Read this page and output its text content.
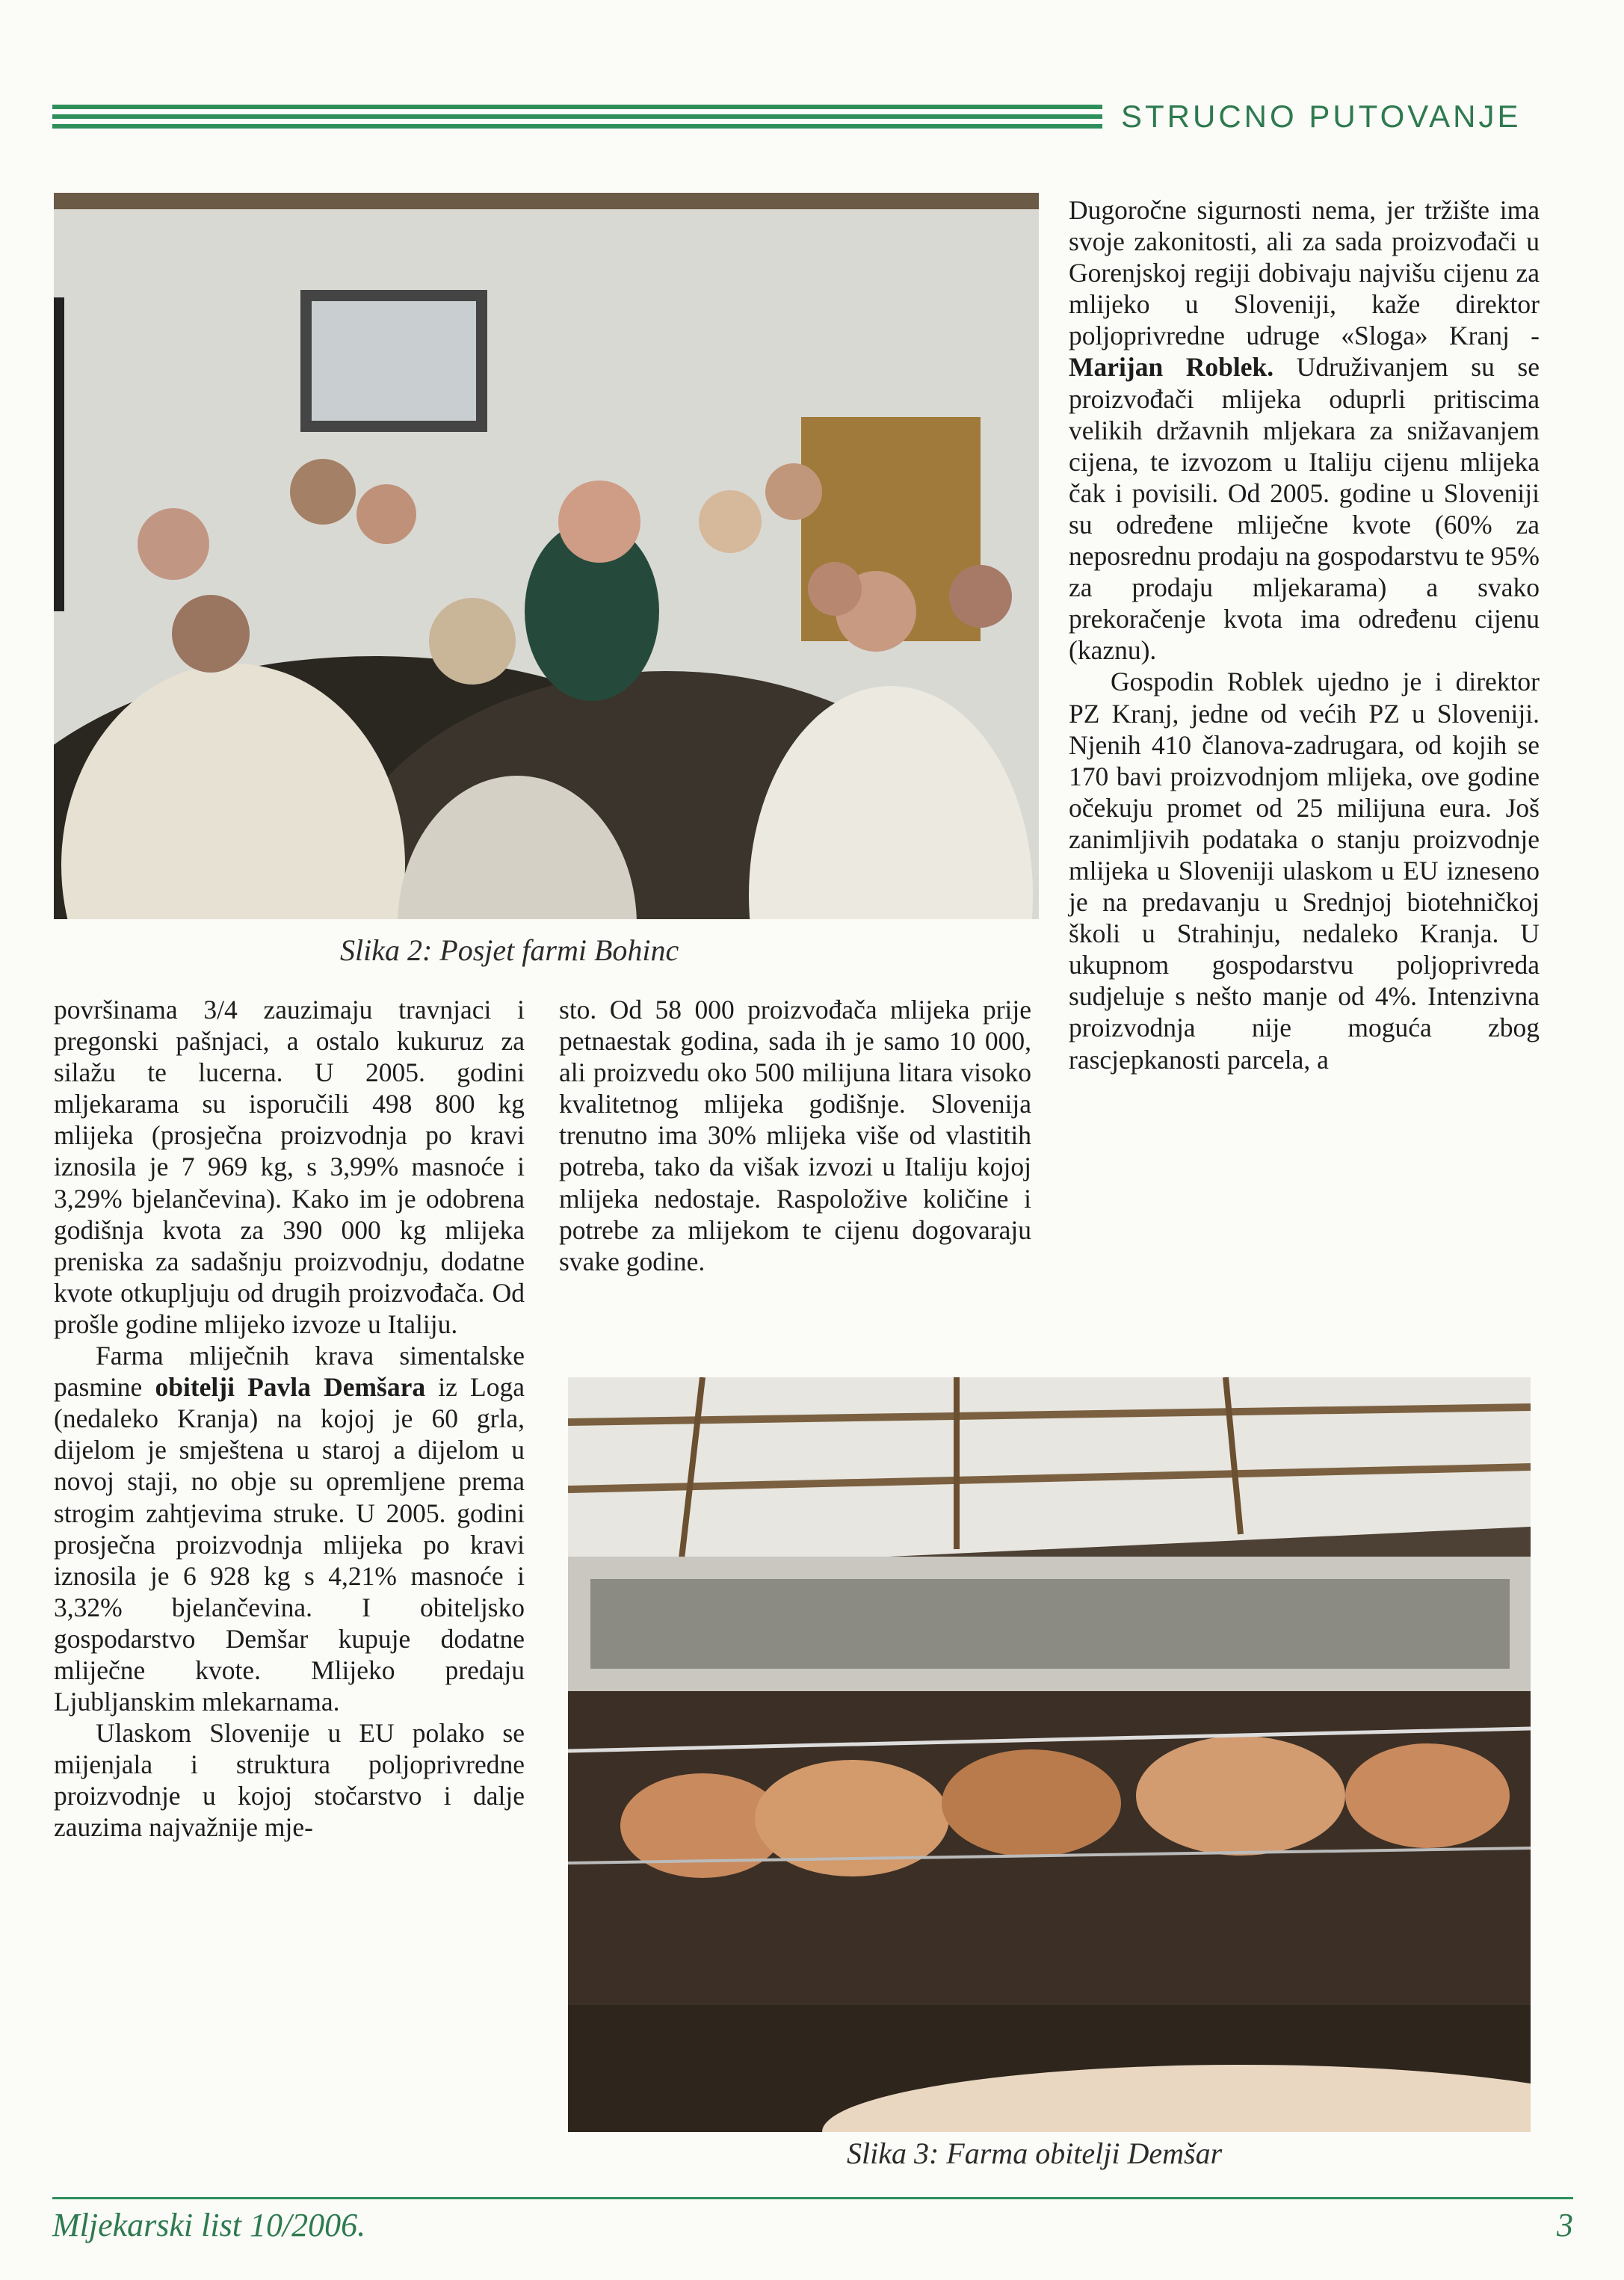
STRUCNO PUTOVANJE
Slika 2: Posjet farmi Bohinc

Dugoročne sigurnosti nema, jer tržište ima svoje zakonitosti, ali za sada proizvođači u Gorenjskoj regiji dobivaju najvišu cijenu za mlijeko u Sloveniji, kaže direktor poljoprivredne udruge «Sloga» Kranj - Marijan Roblek. Udruživanjem su se proizvođači mlijeka oduprli pritiscima velikih državnih mljekara za snižavanjem cijena, te izvozom u Italiju cijenu mlijeka čak i povisili. Od 2005. godine u Sloveniji su određene mliječne kvote (60% za neposrednu prodaju na gospodarstvu te 95% za prodaju mljekarama) a svako prekoračenje kvota ima određenu cijenu (kaznu).

Gospodin Roblek ujedno je i direktor PZ Kranj, jedne od većih PZ u Sloveniji. Njenih 410 članova-zadrugara, od kojih se 170 bavi proizvodnjom mlijeka, ove godine očekuju promet od 25 milijuna eura. Još zanimljivih podataka o stanju proizvodnje mlijeka u Sloveniji ulaskom u EU izneseno je na predavanju u Srednjoj biotehničkoj školi u Strahinju, nedaleko Kranja. U ukupnom gospodarstvu poljoprivreda sudjeluje s nešto manje od 4%. Intenzivna proizvodnja nije moguća zbog rascjepkanosti parcela, a

površinama 3/4 zauzimaju travnjaci i pregonski pašnjaci, a ostalo kukuruz za silažu te lucerna. U 2005. godini mljekarama su isporučili 498 800 kg mlijeka (prosječna proizvodnja po kravi iznosila je 7 969 kg, s 3,99% masnoće i 3,29% bjelančevina). Kako im je odobrena godišnja kvota za 390 000 kg mlijeka preniska za sadašnju proizvodnju, dodatne kvote otkupljuju od drugih proizvođača. Od prošle godine mlijeko izvoze u Italiju.

Farma mliječnih krava simentalske pasmine obitelji Pavla Demšara iz Loga (nedaleko Kranja) na kojoj je 60 grla, dijelom je smještena u staroj a dijelom u novoj staji, no obje su opremljene prema strogim zahtjevima struke. U 2005. godini prosječna proizvodnja mlijeka po kravi iznosila je 6 928 kg s 4,21% masnoće i 3,32% bjelančevina. I obiteljsko gospodarstvo Demšar kupuje dodatne mliječne kvote. Mlijeko predaju Ljubljanskim mlekarnama.

Ulaskom Slovenije u EU polako se mijenjala i struktura poljoprivredne proizvodnje u kojoj stočarstvo i dalje zauzima najvažnije mje-

sto. Od 58 000 proizvođača mlijeka prije petnaestak godina, sada ih je samo 10 000, ali proizvedu oko 500 milijuna litara visoko kvalitetnog mlijeka godišnje. Slovenija trenutno ima 30% mlijeka više od vlastitih potreba, tako da višak izvozi u Italiju kojoj mlijeka nedostaje. Raspoložive količine i potrebe za mlijekom te cijenu dogovaraju svake godine.

Slika 3: Farma obitelji Demšar
Mljekarski list 10/2006.	3
